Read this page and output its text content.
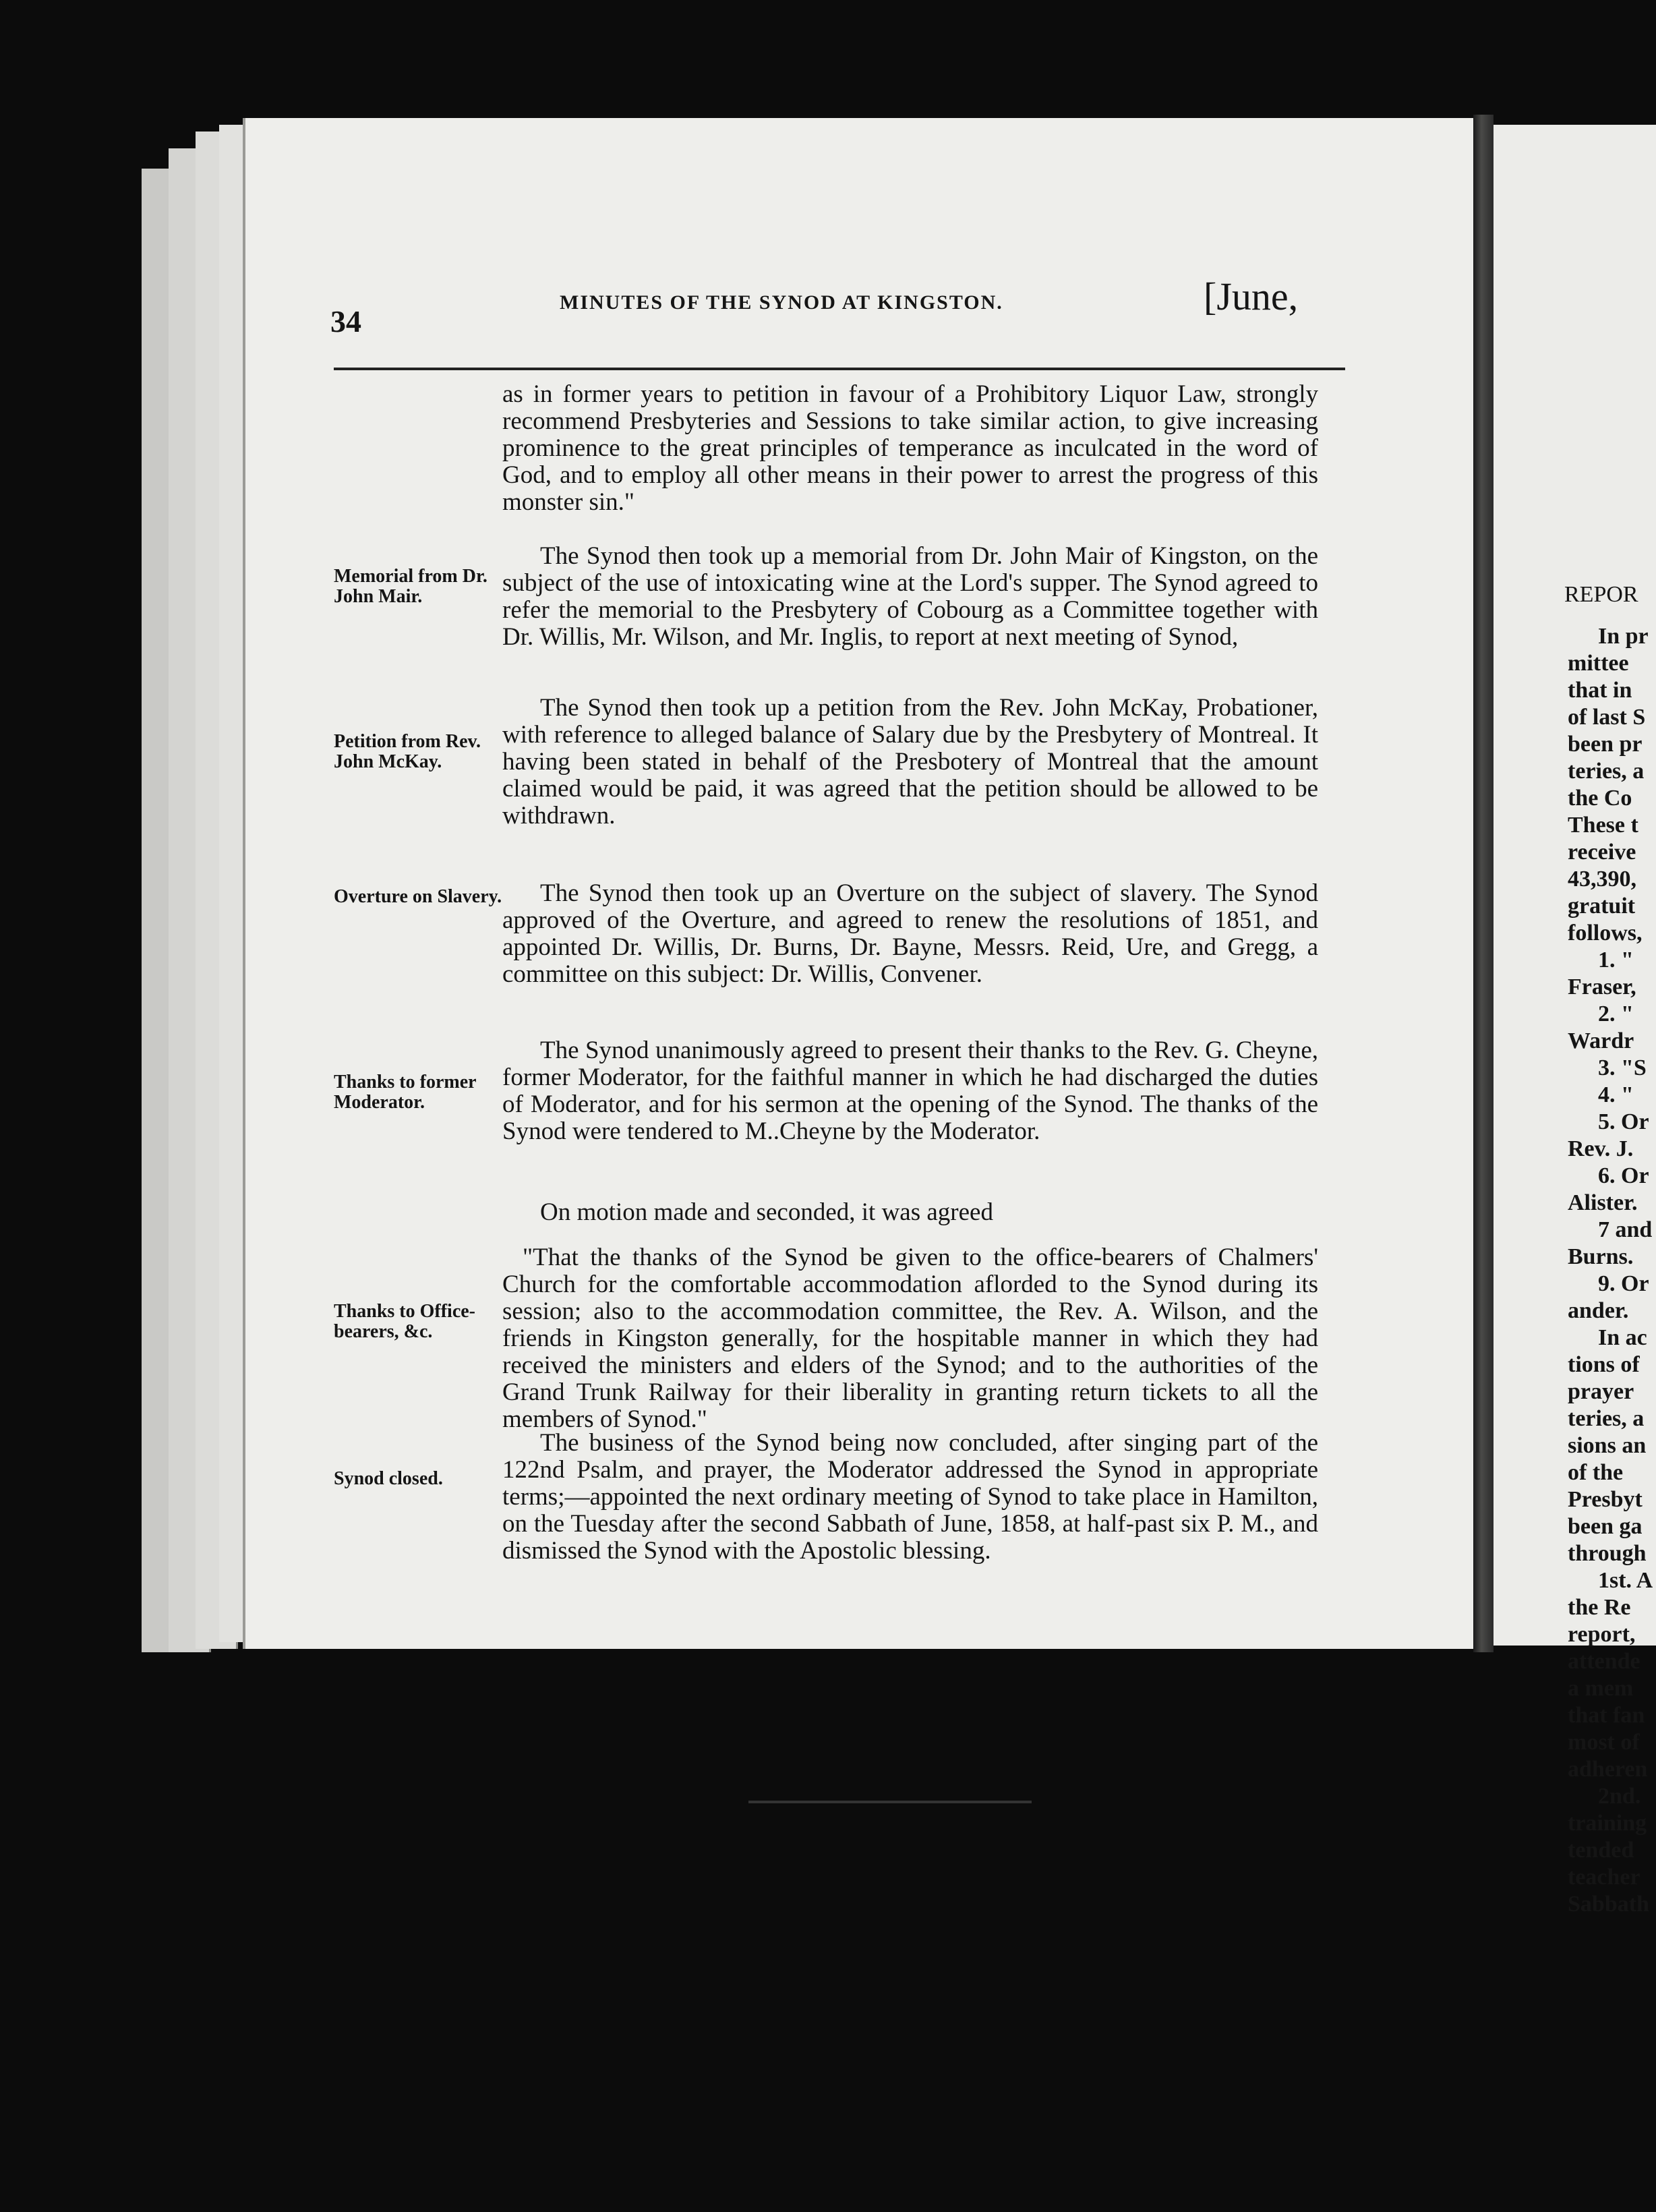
34
MINUTES OF THE SYNOD AT KINGSTON.	[June,

as in former years to petition in favour of a Prohibitory Liquor Law, strongly recommend Presbyteries and Sessions to take similar action, to give increasing prominence to the great principles of temperance as inculcated in the word of God, and to employ all other means in their power to arrest the progress of this monster sin."

The Synod then took up a memorial from Dr. John Mair of Kingston, on the subject of the use of intoxicating wine at the Lord's supper. The Synod agreed to refer the memorial to the Presbytery of Cobourg as a Committee together with Dr. Willis, Mr. Wilson, and Mr. Inglis, to report at next meeting of Synod,

The Synod then took up a petition from the Rev. John McKay, Probationer, with reference to alleged balance of Salary due by the Presbytery of Montreal. It having been stated in behalf of the Presbotery of Montreal that the amount claimed would be paid, it was agreed that the petition should be allowed to be withdrawn.

The Synod then took up an Overture on the subject of slavery. The Synod approved of the Overture, and agreed to renew the resolutions of 1851, and appointed Dr. Willis, Dr. Burns, Dr. Bayne, Messrs. Reid, Ure, and Gregg, a committee on this subject: Dr. Willis, Convener.

The Synod unanimously agreed to present their thanks to the Rev. G. Cheyne, former Moderator, for the faithful manner in which he had discharged the duties of Moderator, and for his sermon at the opening of the Synod. The thanks of the Synod were tendered to M..Cheyne by the Moderator.

On motion made and seconded, it was agreed

"That the thanks of the Synod be given to the office-bearers of Chalmers' Church for the comfortable accommodation aflorded to the Synod during its session; also to the accommodation committee, the Rev. A. Wilson, and the friends in Kingston generally, for the hospitable manner in which they had received the ministers and elders of the Synod; and to the authorities of the Grand Trunk Railway for their liberality in granting return tickets to all the members of Synod."

The business of the Synod being now concluded, after singing part of the 122nd Psalm, and prayer, the Moderator addressed the Synod in appropriate terms;—appointed the next ordinary meeting of Synod to take place in Hamilton, on the Tuesday after the second Sabbath of June, 1858, at half-past six P. M., and dismissed the Synod with the Apostolic blessing.

Memorial from Dr. John Mair.
Petition from Rev. John McKay.
Overture on Slavery.
Thanks to former Moderator.
Thanks to Office-bearers, &c.
Synod closed.
REPOR
In pr
mittee
that in
of last S
been pr
teries, a
the Co
These t
receive
43,390,
gratuit
follows,
1. "
Fraser,
2. "
Wardr
3. "S
4. "
5. Or
Rev. J.
6. Or
Alister.
7 and
Burns.
9. Or
ander.
In ac
tions of
prayer
teries, a
sions an
of the
Presbyt
been ga
through
1st. A
the Re
report,
attende
a mem
that fan
most of
adheren
2nd.
training
tended
teacher
Sabbath
